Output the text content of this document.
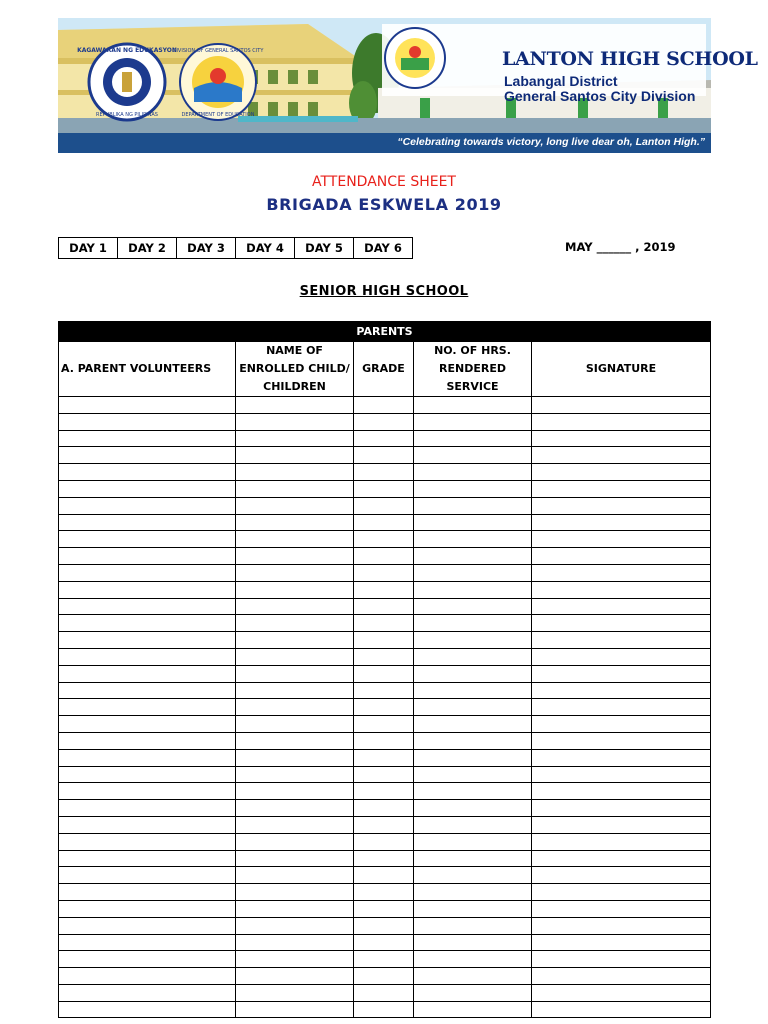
KAGAWARAN NG EDUKASYON
REPUBLIKA NG PILIPINAS
DIVISION OF GENERAL SANTOS CITY
DEPARTMENT OF EDUCATION
LANTON HIGH SCHOOL
Labangal District
General Santos City Division
“Celebrating towards victory, long live dear oh, Lanton High.”
ATTENDANCE SHEET
BRIGADA ESKWELA 2019
DAY 1	DAY 2	DAY 3	DAY 4	DAY 5	DAY 6	MAY ______ , 2019
SENIOR HIGH SCHOOL
PARENTS				
A. PARENT VOLUNTEERS	NAME OF ENROLLED CHILD/ CHILDREN	GRADE	NO. OF HRS. RENDERED SERVICE	SIGNATURE
